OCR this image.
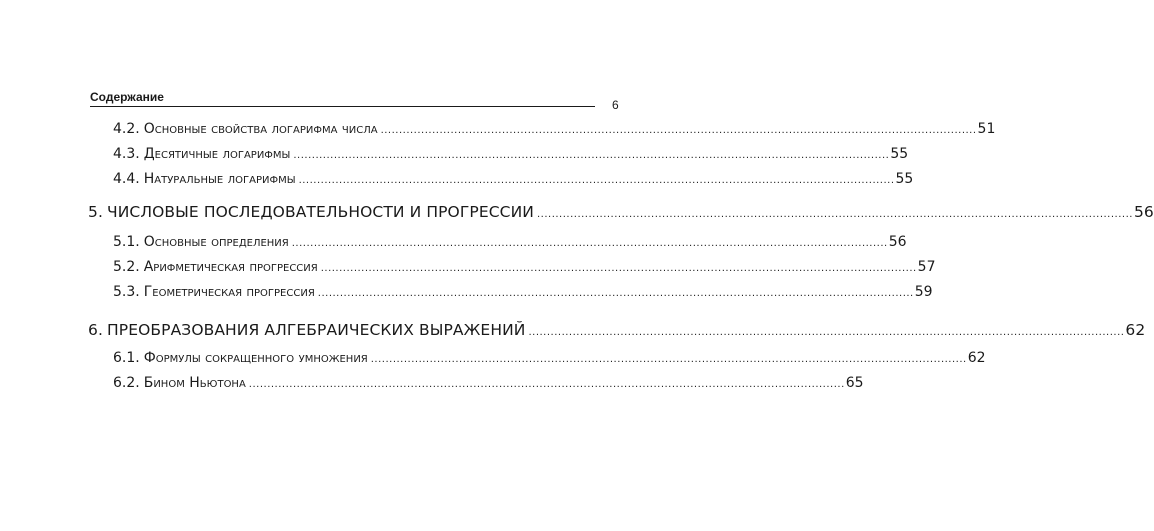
Содержание
6
4.2. Основные свойства логарифма числа .................................................................................................................................................................. 51
4.3. Десятичные логарифмы .................................................................................................................................................................. 55
4.4. Натуральные логарифмы .................................................................................................................................................................. 55
5. ЧИСЛОВЫЕ ПОСЛЕДОВАТЕЛЬНОСТИ И ПРОГРЕССИИ .................................................................................................................................................................. 56
5.1. Основные определения .................................................................................................................................................................. 56
5.2. Арифметическая прогрессия .................................................................................................................................................................. 57
5.3. Геометрическая прогрессия .................................................................................................................................................................. 59
6. ПРЕОБРАЗОВАНИЯ АЛГЕБРАИЧЕСКИХ ВЫРАЖЕНИЙ .................................................................................................................................................................. 62
6.1. Формулы сокращенного умножения .................................................................................................................................................................. 62
6.2. Бином Ньютона .................................................................................................................................................................. 65
